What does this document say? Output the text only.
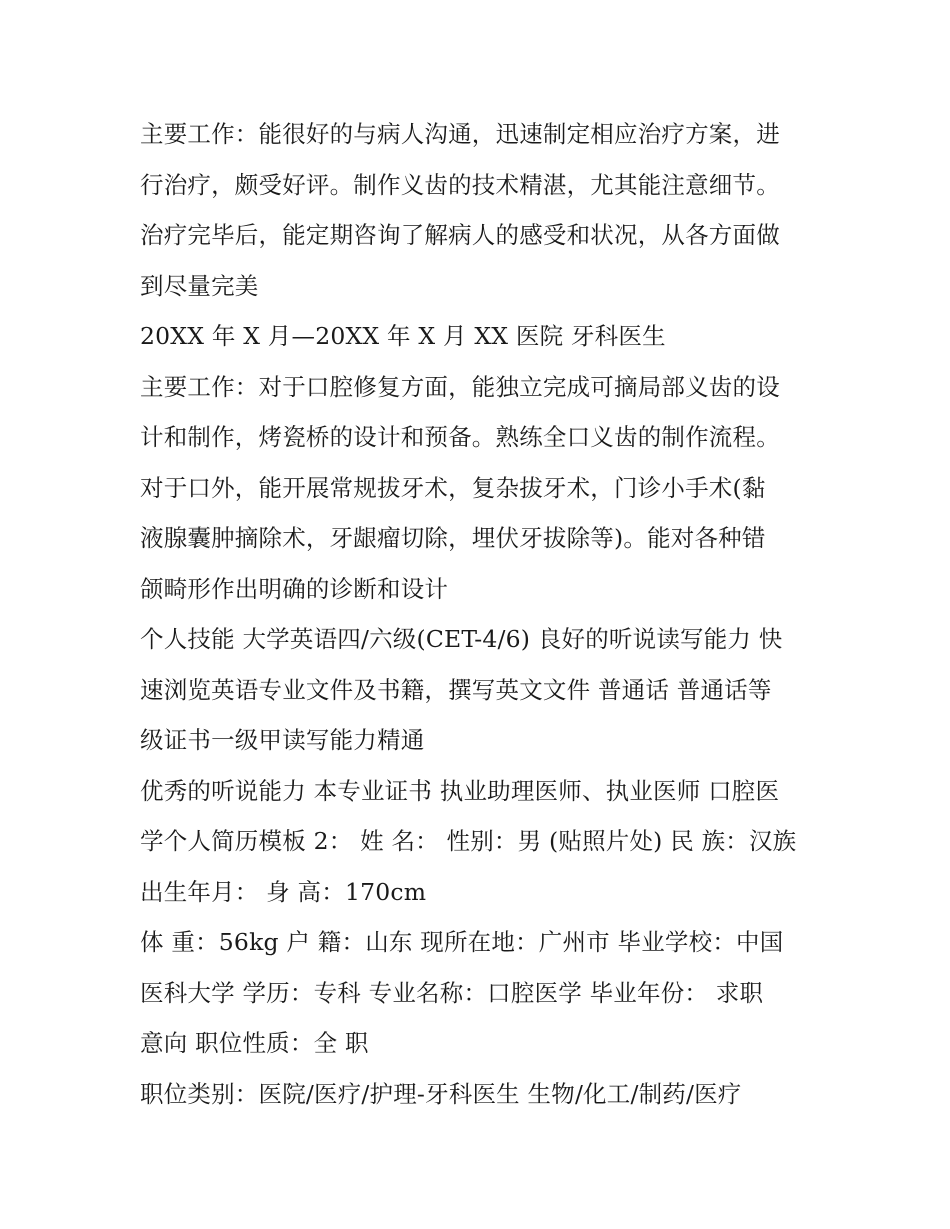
主要工作：能很好的与病人沟通，迅速制定相应治疗方案，进
行治疗，颇受好评。制作义齿的技术精湛，尤其能注意细节。
治疗完毕后，能定期咨询了解病人的感受和状况，从各方面做
到尽量完美
20XX 年 X 月—20XX 年 X 月 XX 医院 牙科医生
主要工作：对于口腔修复方面，能独立完成可摘局部义齿的设
计和制作，烤瓷桥的设计和预备。熟练全口义齿的制作流程。
对于口外，能开展常规拔牙术，复杂拔牙术，门诊小手术(黏
液腺囊肿摘除术，牙龈瘤切除，埋伏牙拔除等)。能对各种错
颌畸形作出明确的诊断和设计
个人技能 大学英语四/六级(CET-4/6) 良好的听说读写能力 快
速浏览英语专业文件及书籍，撰写英文文件 普通话 普通话等
级证书一级甲读写能力精通
优秀的听说能力 本专业证书 执业助理医师、执业医师 口腔医
学个人简历模板 2： 姓 名： 性别：男 (贴照片处) 民 族：汉族
出生年月： 身 高：170cm
体 重：56kg 户 籍：山东 现所在地：广州市 毕业学校：中国
医科大学 学历：专科 专业名称：口腔医学 毕业年份： 求职
意向 职位性质：全 职
职位类别：医院/医疗/护理-牙科医生 生物/化工/制药/医疗
